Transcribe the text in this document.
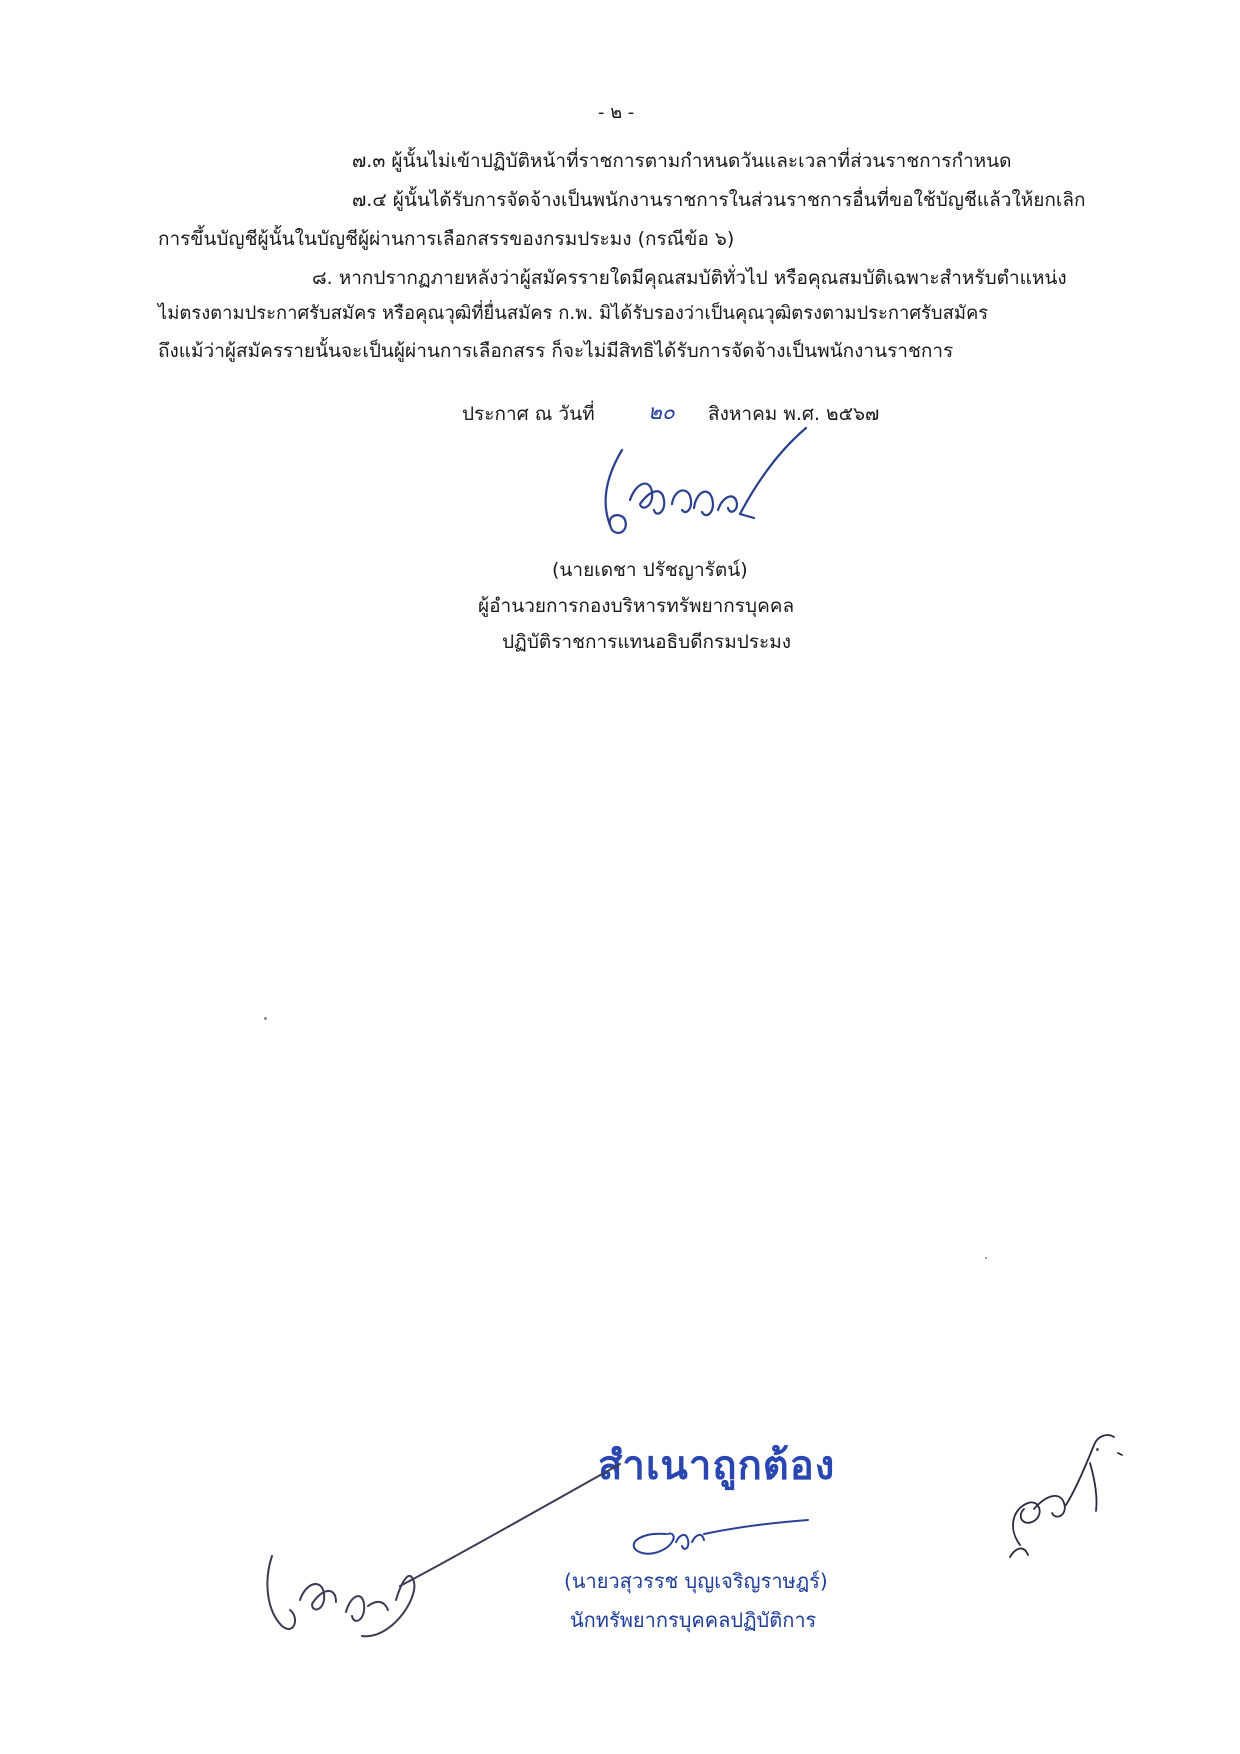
- ๒ -

๗.๓ ผู้นั้นไม่เข้าปฏิบัติหน้าที่ราชการตามกำหนดวันและเวลาที่ส่วนราชการกำหนด

๗.๔ ผู้นั้นได้รับการจัดจ้างเป็นพนักงานราชการในส่วนราชการอื่นที่ขอใช้บัญชีแล้วให้ยกเลิก

การขึ้นบัญชีผู้นั้นในบัญชีผู้ผ่านการเลือกสรรของกรมประมง (กรณีข้อ ๖)

๘. หากปรากฏภายหลังว่าผู้สมัครรายใดมีคุณสมบัติทั่วไป หรือคุณสมบัติเฉพาะสำหรับตำแหน่ง

ไม่ตรงตามประกาศรับสมัคร หรือคุณวุฒิที่ยื่นสมัคร ก.พ. มิได้รับรองว่าเป็นคุณวุฒิตรงตามประกาศรับสมัคร

ถึงแม้ว่าผู้สมัครรายนั้นจะเป็นผู้ผ่านการเลือกสรร ก็จะไม่มีสิทธิได้รับการจัดจ้างเป็นพนักงานราชการ

ประกาศ ณ วันที่	๒๐ สิงหาคม พ.ศ. ๒๕๖๗

(นายเดชา ปรัชญารัตน์)

ผู้อำนวยการกองบริหารทรัพยากรบุคคล

ปฏิบัติราชการแทนอธิบดีกรมประมง

สำเนาถูกต้อง

(นายวสุวรรช บุญเจริญราษฎร์)

นักทรัพยากรบุคคลปฏิบัติการ
